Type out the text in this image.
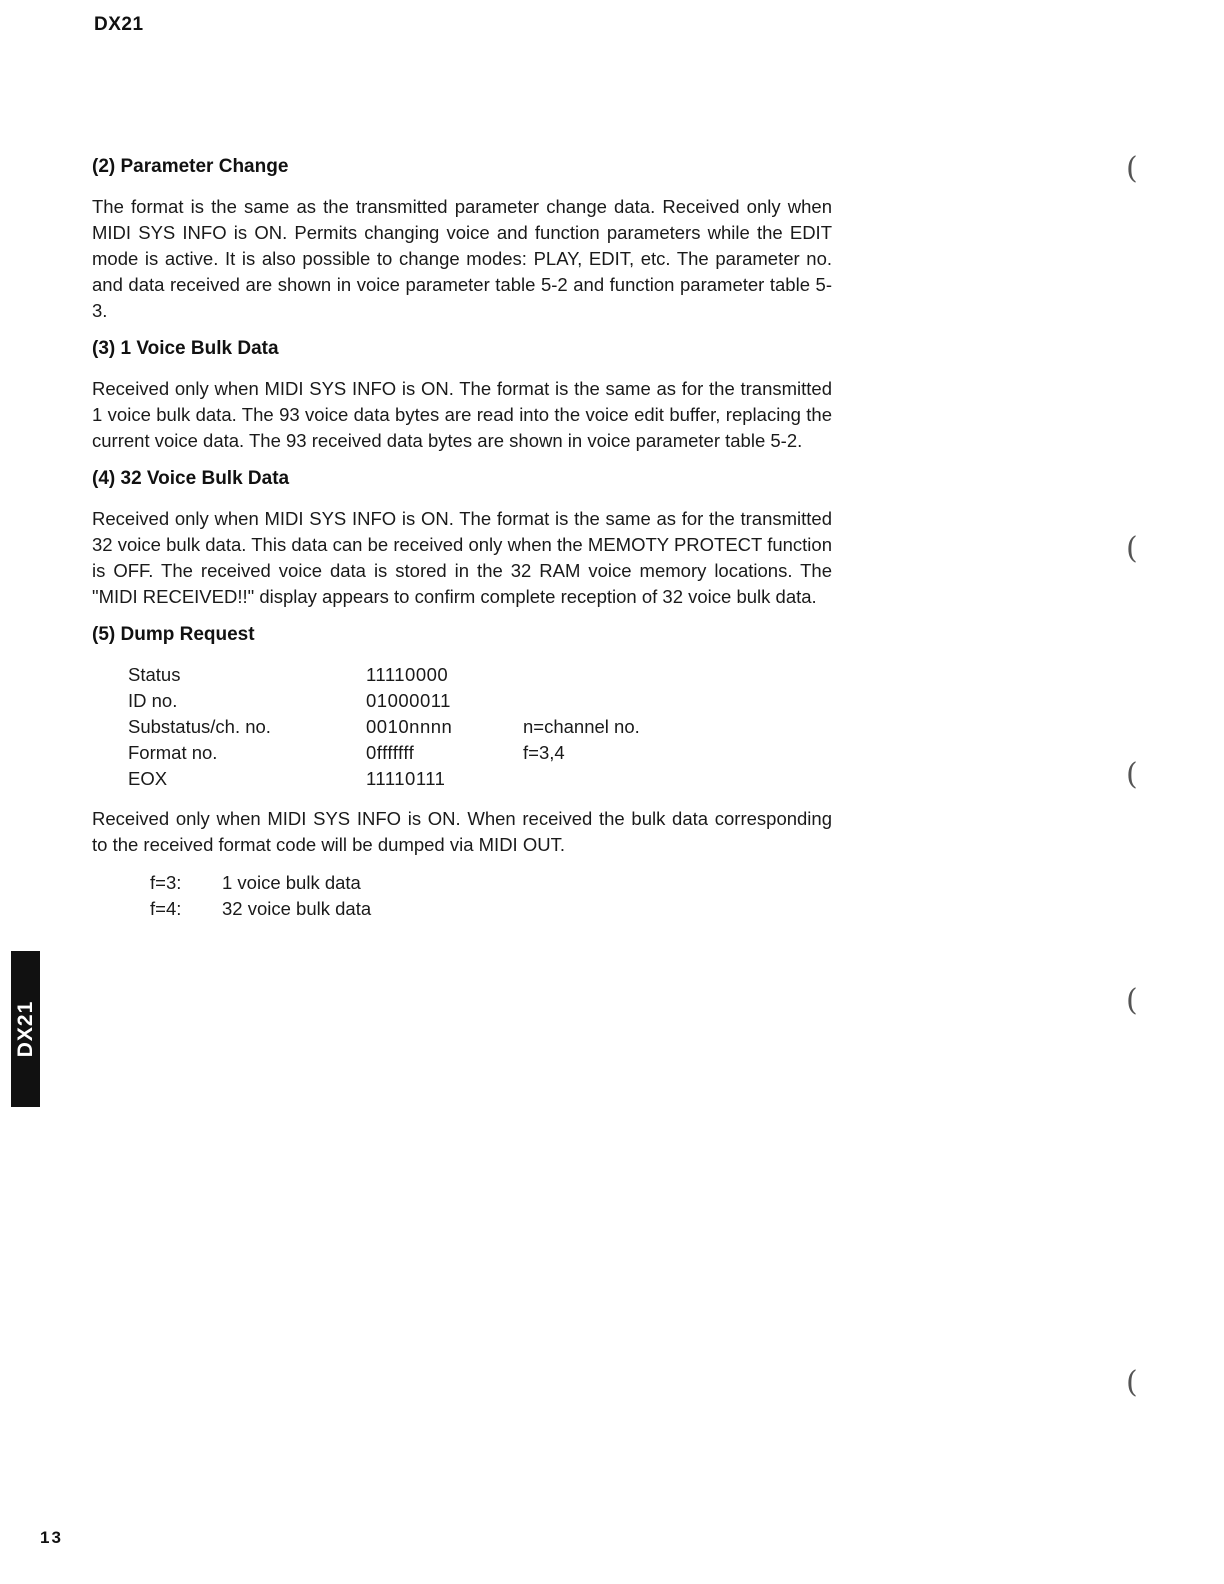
DX21
(2) Parameter Change

The format is the same as the transmitted parameter change data. Received only when MIDI SYS INFO is ON. Permits changing voice and function parameters while the EDIT mode is active. It is also possible to change modes: PLAY, EDIT, etc. The parameter no. and data received are shown in voice parameter table 5-2 and function parameter table 5-3.

(3) 1 Voice Bulk Data

Received only when MIDI SYS INFO is ON. The format is the same as for the transmitted 1 voice bulk data. The 93 voice data bytes are read into the voice edit buffer, replacing the current voice data. The 93 received data bytes are shown in voice parameter table 5-2.

(4) 32 Voice Bulk Data

Received only when MIDI SYS INFO is ON. The format is the same as for the transmitted 32 voice bulk data. This data can be received only when the MEMOTY PROTECT function is OFF. The received voice data is stored in the 32 RAM voice memory locations. The "MIDI RECEIVED!!" display appears to confirm complete reception of 32 voice bulk data.

(5) Dump Request
Status	11110000
ID no.	01000011
Substatus/ch. no.	0010nnnn	n=channel no.
Format no.	0fffffff	f=3,4
EOX	11110111

Received only when MIDI SYS INFO is ON. When received the bulk data corresponding to the received format code will be dumped via MIDI OUT.

f=3:	1 voice bulk data
f=4:	32 voice bulk data
DX21
13
(
(
(
(
(
